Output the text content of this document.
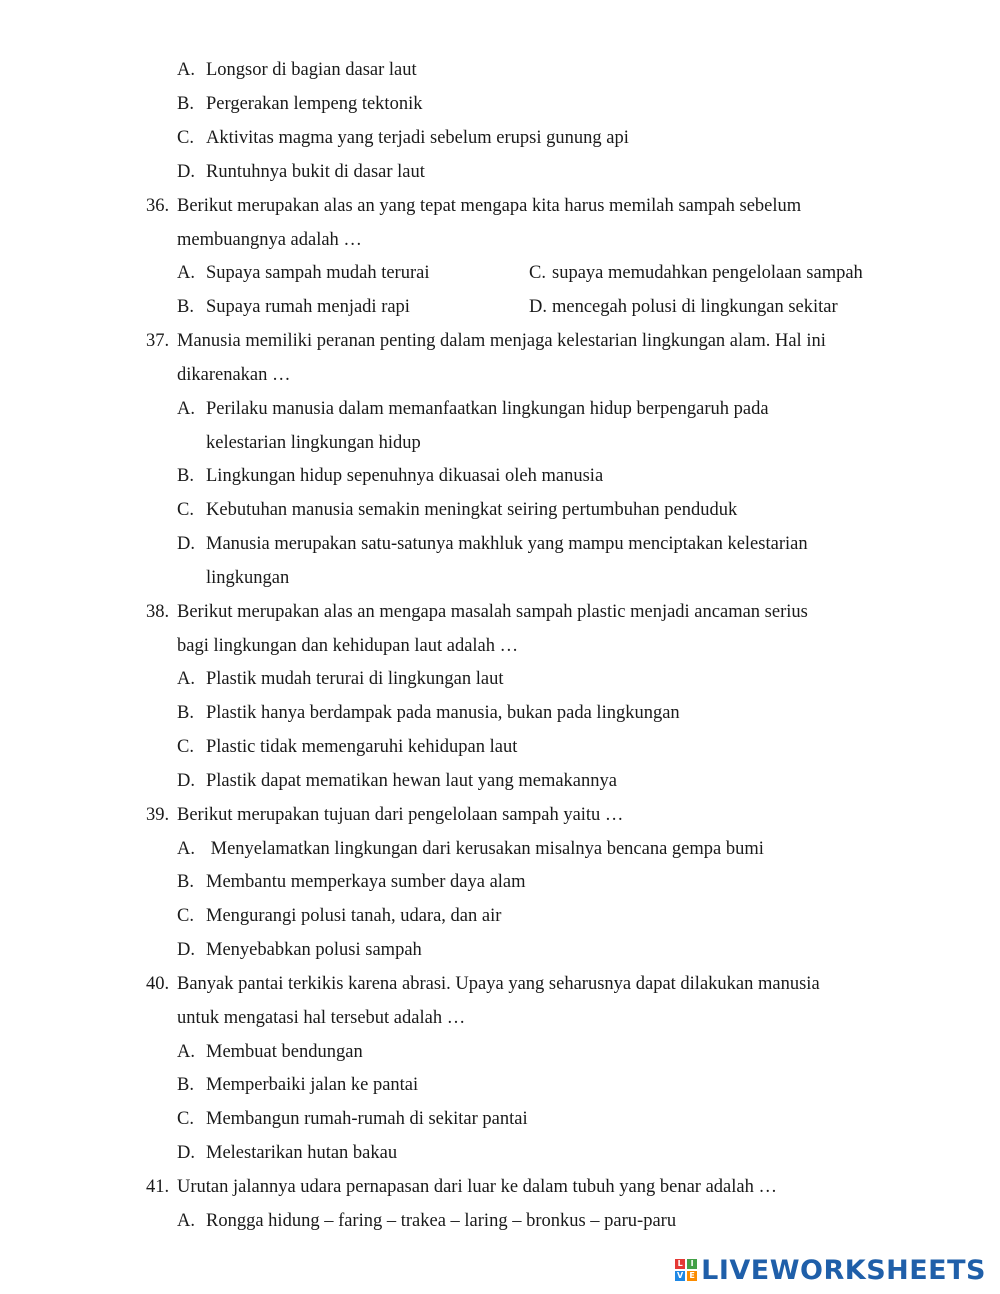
A. Longsor di bagian dasar laut
B. Pergerakan lempeng tektonik
C. Aktivitas magma yang terjadi sebelum erupsi gunung api
D. Runtuhnya bukit di dasar laut
36. Berikut merupakan alas an yang tepat mengapa kita harus memilah sampah sebelum
membuangnya adalah …
A. Supaya sampah mudah terurai	C. supaya memudahkan pengelolaan sampah
B. Supaya rumah menjadi rapi	D. mencegah polusi di lingkungan sekitar
37. Manusia memiliki peranan penting dalam menjaga kelestarian lingkungan alam. Hal ini
dikarenakan …
A. Perilaku manusia dalam memanfaatkan lingkungan hidup berpengaruh pada
kelestarian lingkungan hidup
B. Lingkungan hidup sepenuhnya dikuasai oleh manusia
C. Kebutuhan manusia semakin meningkat seiring pertumbuhan penduduk
D. Manusia merupakan satu-satunya makhluk yang mampu menciptakan kelestarian
lingkungan
38. Berikut merupakan alas an mengapa masalah sampah plastic menjadi ancaman serius
bagi lingkungan dan kehidupan laut adalah …
A. Plastik mudah terurai di lingkungan laut
B. Plastik hanya berdampak pada manusia, bukan pada lingkungan
C. Plastic tidak memengaruhi kehidupan laut
D. Plastik dapat mematikan hewan laut yang memakannya
39. Berikut merupakan tujuan dari pengelolaan sampah yaitu …
A. Menyelamatkan lingkungan dari kerusakan misalnya bencana gempa bumi
B. Membantu memperkaya sumber daya alam
C. Mengurangi polusi tanah, udara, dan air
D. Menyebabkan polusi sampah
40. Banyak pantai terkikis karena abrasi. Upaya yang seharusnya dapat dilakukan manusia
untuk mengatasi hal tersebut adalah …
A. Membuat bendungan
B. Memperbaiki jalan ke pantai
C. Membangun rumah-rumah di sekitar pantai
D. Melestarikan hutan bakau
41. Urutan jalannya udara pernapasan dari luar ke dalam tubuh yang benar adalah …
A. Rongga hidung – faring – trakea – laring – bronkus – paru-paru
L I
V E LIVEWORKSHEETS
